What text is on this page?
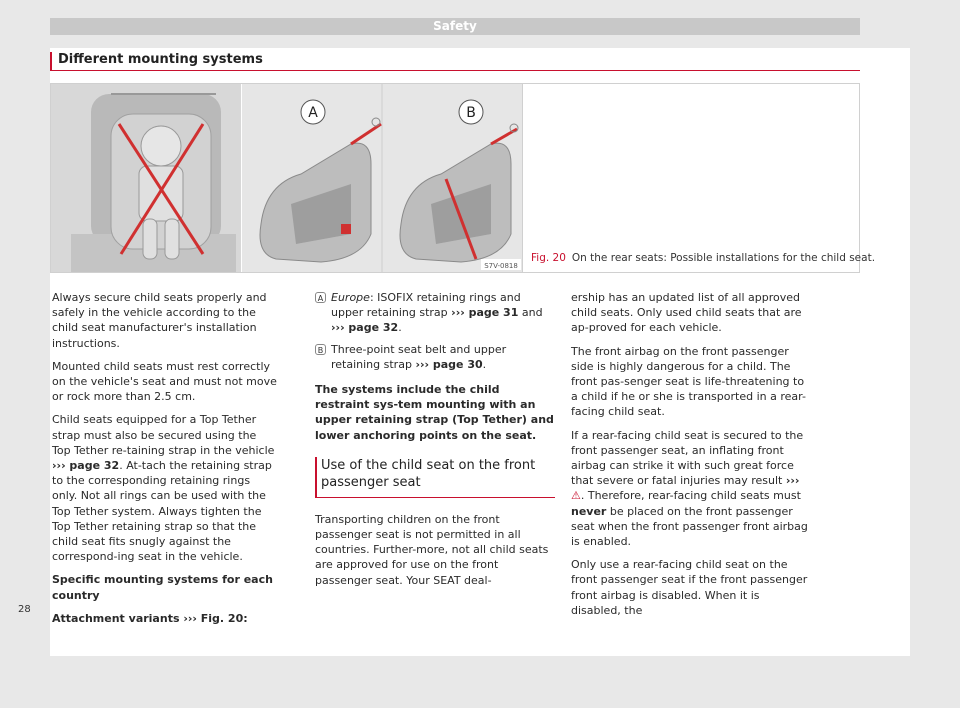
Safety
Different mounting systems
A	B
S7V-0818
Fig. 20 On the rear seats: Possible installations for the child seat.

Always secure child seats properly and safely in the vehicle according to the child seat manufacturer's installation instructions.

Mounted child seats must rest correctly on the vehicle's seat and must not move or rock more than 2.5 cm.

Child seats equipped for a Top Tether strap must also be secured using the Top Tether re-taining strap in the vehicle ››› page 32. At-tach the retaining strap to the corresponding retaining rings only. Not all rings can be used with the Top Tether system. Always tighten the Top Tether retaining strap so that the child seat fits snugly against the correspond-ing seat in the vehicle.

Specific mounting systems for each country

Attachment variants ››› Fig. 20:

A Europe: ISOFIX retaining rings and upper retaining strap ››› page 31 and ››› page 32.
B Three-point seat belt and upper retaining strap ››› page 30.

The systems include the child restraint sys-tem mounting with an upper retaining strap (Top Tether) and lower anchoring points on the seat.

Use of the child seat on the front passenger seat

Transporting children on the front passenger seat is not permitted in all countries. Further-more, not all child seats are approved for use on the front passenger seat. Your SEAT deal-

ership has an updated list of all approved child seats. Only used child seats that are ap-proved for each vehicle.

The front airbag on the front passenger side is highly dangerous for a child. The front pas-senger seat is life-threatening to a child if he or she is transported in a rear-facing child seat.

If a rear-facing child seat is secured to the front passenger seat, an inflating front airbag can strike it with such great force that severe or fatal injuries may result ››› ⚠. Therefore, rear-facing child seats must never be placed on the front passenger seat when the front passenger front airbag is enabled.

Only use a rear-facing child seat on the front passenger seat if the front passenger front airbag is disabled. When it is disabled, the

28
